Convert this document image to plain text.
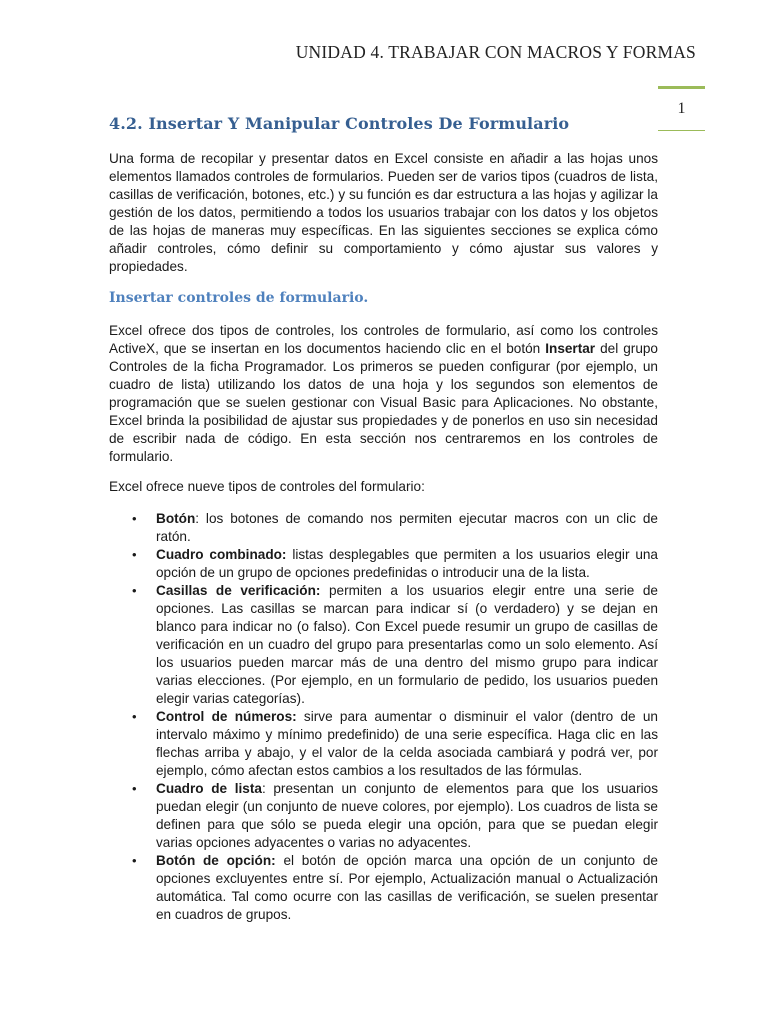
UNIDAD 4. TRABAJAR CON MACROS Y FORMAS
1
4.2. Insertar Y Manipular Controles De Formulario

Una forma de recopilar y presentar datos en Excel consiste en añadir a las hojas unos elementos llamados controles de formularios. Pueden ser de varios tipos (cuadros de lista, casillas de verificación, botones, etc.) y su función es dar estructura a las hojas y agilizar la gestión de los datos, permitiendo a todos los usuarios trabajar con los datos y los objetos de las hojas de maneras muy específicas. En las siguientes secciones se explica cómo añadir controles, cómo definir su comportamiento y cómo ajustar sus valores y propiedades.

Insertar controles de formulario.

Excel ofrece dos tipos de controles, los controles de formulario, así como los controles ActiveX, que se insertan en los documentos haciendo clic en el botón Insertar del grupo Controles de la ficha Programador. Los primeros se pueden configurar (por ejemplo, un cuadro de lista) utilizando los datos de una hoja y los segundos son elementos de programación que se suelen gestionar con Visual Basic para Aplicaciones. No obstante, Excel brinda la posibilidad de ajustar sus propiedades y de ponerlos en uso sin necesidad de escribir nada de código. En esta sección nos centraremos en los controles de formulario.

Excel ofrece nueve tipos de controles del formulario:

• Botón: los botones de comando nos permiten ejecutar macros con un clic de ratón.
• Cuadro combinado: listas desplegables que permiten a los usuarios elegir una opción de un grupo de opciones predefinidas o introducir una de la lista.
• Casillas de verificación: permiten a los usuarios elegir entre una serie de opciones. Las casillas se marcan para indicar sí (o verdadero) y se dejan en blanco para indicar no (o falso). Con Excel puede resumir un grupo de casillas de verificación en un cuadro del grupo para presentarlas como un solo elemento. Así los usuarios pueden marcar más de una dentro del mismo grupo para indicar varias elecciones. (Por ejemplo, en un formulario de pedido, los usuarios pueden elegir varias categorías).
• Control de números: sirve para aumentar o disminuir el valor (dentro de un intervalo máximo y mínimo predefinido) de una serie específica. Haga clic en las flechas arriba y abajo, y el valor de la celda asociada cambiará y podrá ver, por ejemplo, cómo afectan estos cambios a los resultados de las fórmulas.
• Cuadro de lista: presentan un conjunto de elementos para que los usuarios puedan elegir (un conjunto de nueve colores, por ejemplo). Los cuadros de lista se definen para que sólo se pueda elegir una opción, para que se puedan elegir varias opciones adyacentes o varias no adyacentes.
• Botón de opción: el botón de opción marca una opción de un conjunto de opciones excluyentes entre sí. Por ejemplo, Actualización manual o Actualización automática. Tal como ocurre con las casillas de verificación, se suelen presentar en cuadros de grupos.
